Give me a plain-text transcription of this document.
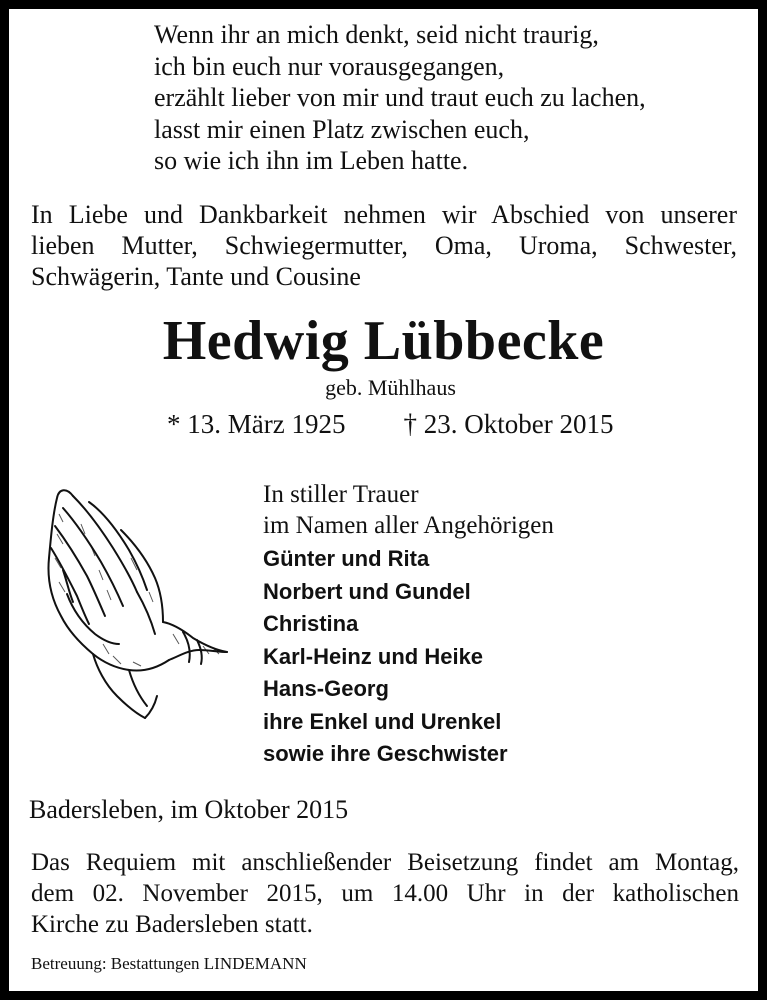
Wenn ihr an mich denkt, seid nicht traurig,
ich bin euch nur vorausgegangen,
erzählt lieber von mir und traut euch zu lachen,
lasst mir einen Platz zwischen euch,
so wie ich ihn im Leben hatte.
In Liebe und Dankbarkeit nehmen wir Abschied von unserer
lieben Mutter, Schwiegermutter, Oma, Uroma, Schwester,
Schwägerin, Tante und Cousine
Hedwig Lübbecke
geb. Mühlhaus
* 13. März 1925 † 23. Oktober 2015
In stiller Trauer
im Namen aller Angehörigen
Günter und Rita
Norbert und Gundel
Christina
Karl-Heinz und Heike
Hans-Georg
ihre Enkel und Urenkel
sowie ihre Geschwister
Badersleben, im Oktober 2015
Das Requiem mit anschließender Beisetzung findet am Montag,
dem 02. November 2015, um 14.00 Uhr in der katholischen
Kirche zu Badersleben statt.
Betreuung: Bestattungen LINDEMANN
